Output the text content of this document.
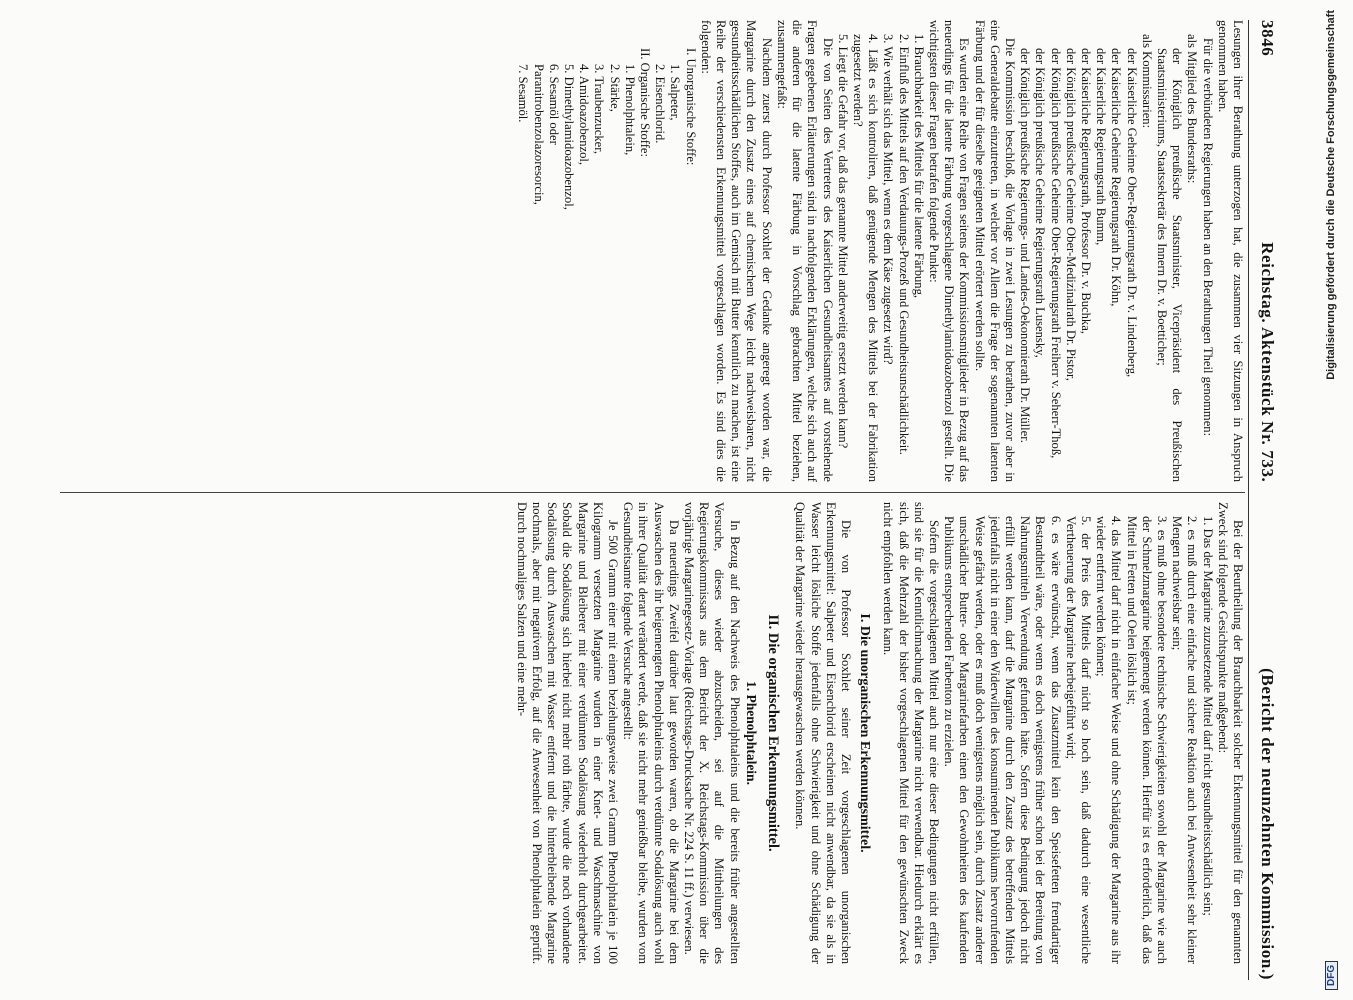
3846
Reichstag. Aktenstück Nr. 733.
(Bericht der neunzehnten Kommission.)

Lesungen ihrer Berathung unterzogen hat, die zusammen vier Sitzungen in Anspruch genommen haben.

Für die verbündeten Regierungen haben an den Berathungen Theil genommen:

als Mitglied des Bundesraths:

der Königlich preußische Staatsminister, Vicepräsident des Preußischen Staatsministeriums, Staatssekretär des Innern Dr. v. Boetticher;

als Kommissarien:

der Kaiserliche Geheime Ober-Regierungsrath Dr. v. Lindenberg,

der Kaiserliche Geheime Regierungsrath Dr. Köhn,

der Kaiserliche Regierungsrath Bumm,

der Kaiserliche Regierungsrath, Professor Dr. v. Buchka,

der Königlich preußische Geheime Ober-Medizinalrath Dr. Pistor,

der Königlich preußische Geheime Ober-Regierungsrath Freiherr v. Seherr-Thoß,

der Königlich preußische Geheime Regierungsrath Lusensky,

der Königlich preußische Regierungs- und Landes-Oekonomierath Dr. Müller.

Die Kommission beschloß, die Vorlage in zwei Lesungen zu berathen, zuvor aber in eine Generaldebatte einzutreten, in welcher vor Allem die Frage der sogenannten latenten Färbung und der für dieselbe geeigneten Mittel erörtert werden sollte.

Es wurden eine Reihe von Fragen seitens der Kommissionsmitglieder in Bezug auf das neuerdings für die latente Färbung vorgeschlagene Dimethylamidoazobenzol gestellt. Die wichtigsten dieser Fragen betrafen folgende Punkte:

1. Brauchbarkeit des Mittels für die latente Färbung,

2. Einfluß des Mittels auf den Verdauungs-Prozeß und Gesundheitsunschädlichkeit.

3. Wie verhält sich das Mittel, wenn es dem Käse zugesetzt wird?

4. Läßt es sich kontroliren, daß genügende Mengen des Mittels bei der Fabrikation zugesetzt werden?

5. Liegt die Gefahr vor, daß das genannte Mittel anderweitig ersetzt werden kann?

Die von Seiten des Vertreters des Kaiserlichen Gesundheitsamtes auf vorstehende Fragen gegebenen Erläuterungen sind in nachfolgenden Erklärungen, welche sich auch auf die anderen für die latente Färbung in Vorschlag gebrachten Mittel beziehen, zusammengefaßt:

Nachdem zuerst durch Professor Soxhlet der Gedanke angeregt worden war, die Margarine durch den Zusatz eines auf chemischem Wege leicht nachweisbaren, nicht gesundheitsschädlichen Stoffes, auch im Gemisch mit Butter kenntlich zu machen, ist eine Reihe der verschiedensten Erkennungsmittel vorgeschlagen worden. Es sind dies die folgenden:

I. Unorganische Stoffe:

1. Salpeter,

2. Eisenchlorid.

II. Organische Stoffe:

1. Phenolphtalein,

2. Stärke,

3. Traubenzucker,

4. Amidoazobenzol,

5. Dimethylamidoazobenzol,

6. Sesamöl oder

Paranitrobenzolazoresorcin,

7. Sesamöl.

Bei der Beurtheilung der Brauchbarkeit solcher Erkennungsmittel für den genannten Zweck sind folgende Gesichtspunkte maßgebend:

1. Das der Margarine zuzusetzende Mittel darf nicht gesundheitsschädlich sein;

2. es muß durch eine einfache und sichere Reaktion auch bei Anwesenheit sehr kleiner Mengen nachweisbar sein;

3. es muß ohne besondere technische Schwierigkeiten sowohl der Margarine wie auch der Schmelzmargarine beigemengt werden können. Hierfür ist es erforderlich, daß das Mittel in Fetten und Oelen löslich ist;

4. das Mittel darf nicht in einfacher Weise und ohne Schädigung der Margarine aus ihr wieder entfernt werden können;

5. der Preis des Mittels darf nicht so hoch sein, daß dadurch eine wesentliche Vertheuerung der Margarine herbeigeführt wird;

6. es wäre erwünscht, wenn das Zusatzmittel kein den Speisefetten fremdartiger Bestandtheil wäre, oder wenn es doch wenigstens früher schon bei der Bereitung von Nahrungsmitteln Verwendung gefunden hätte. Sofern diese Bedingung jedoch nicht erfüllt werden kann, darf die Margarine durch den Zusatz des betreffenden Mittels jedenfalls nicht in einer den Widerwillen des konsumirenden Publikums hervorrufenden Weise gefärbt werden, oder es muß doch wenigstens möglich sein, durch Zusatz anderer unschädlicher Butter- oder Margarinefarben einen den Gewohnheiten des kaufenden Publikums entsprechenden Farbenton zu erzielen.

Sofern die vorgeschlagenen Mittel auch nur eine dieser Bedingungen nicht erfüllen, sind sie für die Kenntlichmachung der Margarine nicht verwendbar. Hiedurch erklärt es sich, daß die Mehrzahl der bisher vorgeschlagenen Mittel für den gewünschten Zweck nicht empfohlen werden kann.

I. Die unorganischen Erkennungsmittel.

Die von Professor Soxhlet seiner Zeit vorgeschlagenen unorganischen Erkennungsmittel: Salpeter und Eisenchlorid erscheinen nicht anwendbar, da sie als in Wasser leicht lösliche Stoffe jedenfalls ohne Schwierigkeit und ohne Schädigung der Qualität der Margarine wieder herausgewaschen werden können.

II. Die organischen Erkennungsmittel.

1. Phenolphtalein.

In Bezug auf den Nachweis des Phenolphtaleins und die bereits früher angestellten Versuche, dieses wieder abzuscheiden, sei auf die Mittheilungen des Regierungskommissars aus dem Bericht der X. Reichstags-Kommission über die vorjährige Margarinegesetz-Vorlage (Reichstags-Drucksache Nr. 224 S. 11 ff.) verwiesen.

Da neuerdings Zweifel darüber laut geworden waren, ob die Margarine bei dem Auswaschen des ihr beigemengten Phenolphtaleins durch verdünnte Sodalösung auch wohl in ihrer Qualität derart verändert werde, daß sie nicht mehr genießbar bleibe, wurden vom Gesundheitsamte folgende Versuche angestellt:

Je 500 Gramm einer mit einem beziehungsweise zwei Gramm Phenolphtalein je 100 Kilogramm versetzten Margarine wurden in einer Knet- und Waschmaschine von Margarine und Bleiberer mit einer verdünnten Sodalösung wiederholt durchgearbeitet. Sobald die Sodalösung sich hierbei nicht mehr roth färbte, wurde die noch vorhandene Sodalösung durch Auswaschen mit Wasser entfernt und die hinterbleibende Margarine nochmals, aber mit negativem Erfolg, auf die Anwesenheit von Phenolphtalein geprüft. Durch nochmaliges Salzen und eine mehr-

DFG
Digitalisierung gefördert durch die Deutsche Forschungsgemeinschaft
